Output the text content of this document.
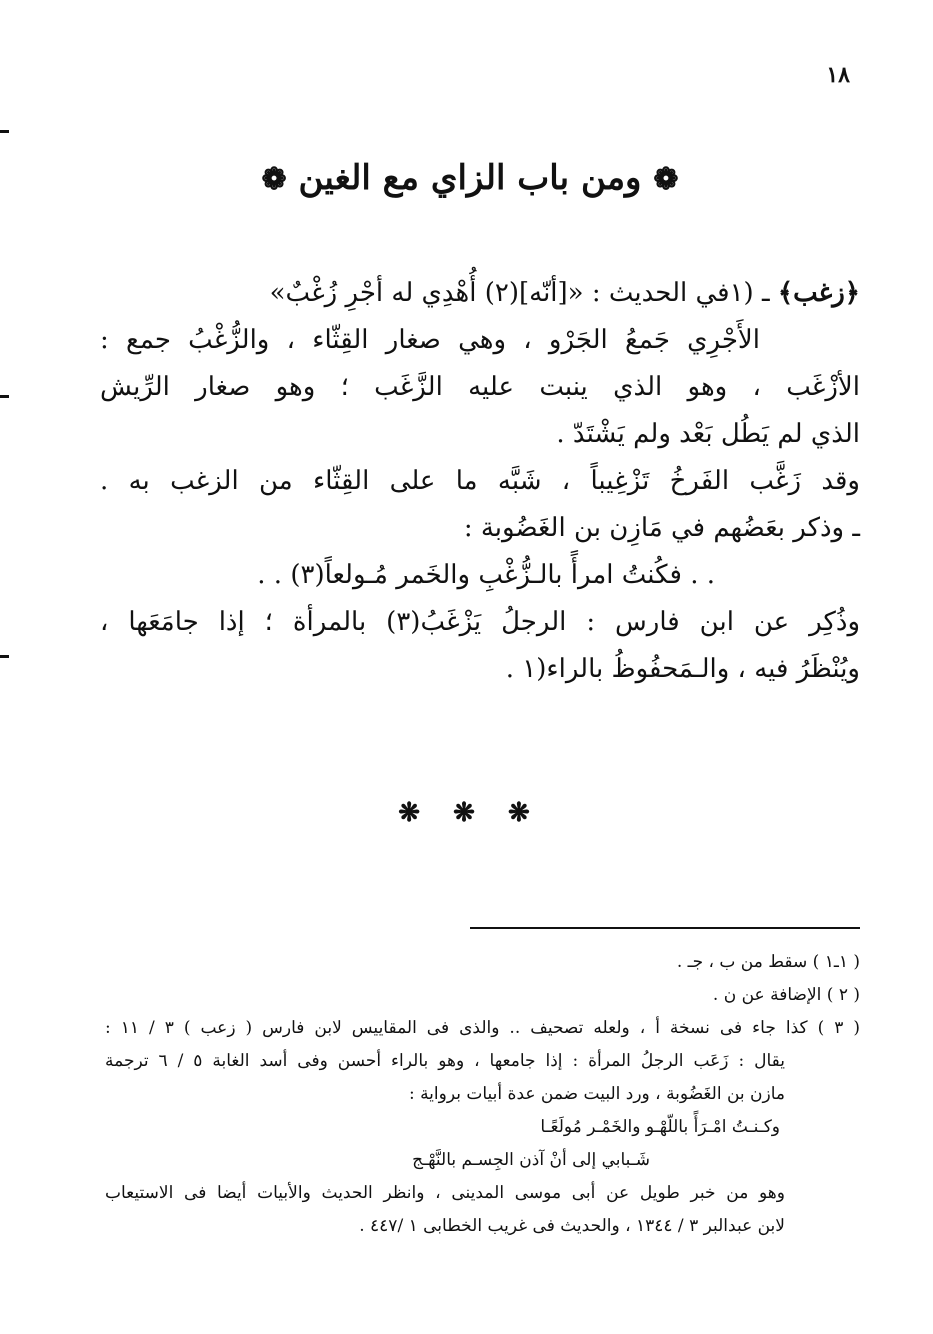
١٨
❁ ومن باب الزاي مع الغين ❁
﴿زغب﴾ ـ (١في الحديث : «[أنّه](٢) أُهْدِي له أجْرِ زُغْبٌ»
الأَجْرِي جَمعُ الجَرْو ، وهي صغار القِثّاء ، والزُّغْبُ جمع :
الأزْغَب ، وهو الذي ينبت عليه الزَّغَب ؛ وهو صغار الرِّيش
الذي لم يَطُل بَعْد ولم يَشْتَدّ .
وقد زَغَّب الفَرخُ تَزْغِيباً ، شَبَّه ما على القِثّاء من الزغب به .
ـ وذكر بعَضُهم في مَازِن بن الغَضُوبة :
. . فكُنتُ امرأً بالـزُّغْبِ والخَمر مُـولعاً(٣) . .
وذُكِر عن ابن فارس : الرجلُ يَزْغَبُ(٣) بالمرأة ؛ إذا جامَعَها ،
ويُنْظَرُ فيه ، والـمَحفُوظُ بالراء(١ .
❋ ❋ ❋
( ١ـ١ ) سقط من ب ، جـ .
( ٢ ) الإضافة عن ن .
( ٣ ) كذا جاء فى نسخة أ ، ولعله تصحيف .. والذى فى المقاييس لابن فارس ( زعب ) ٣ / ١١ :
يقال : زَعَب الرجلُ المرأة : إذا جامعها ، وهو بالراء أحسن وفى أسد الغابة ٥ / ٦ ترجمة
مازن بن الغَضُوبة ، ورد البيت ضمن عدة أبيات برواية :
وكـنـتُ امْـرَأً باللّهْـو والخَمْـر مُولَعًـا
شَـبابي إلى أنْ آذن الجِسـم بالنَّهْـج
وهو من خبر طويل عن أبى موسى المدينى ، وانظر الحديث والأبيات أيضا فى الاستيعاب
لابن عبدالبر ٣ / ١٣٤٤ ، والحديث فى غريب الخطابى ١ /٤٤٧ .
